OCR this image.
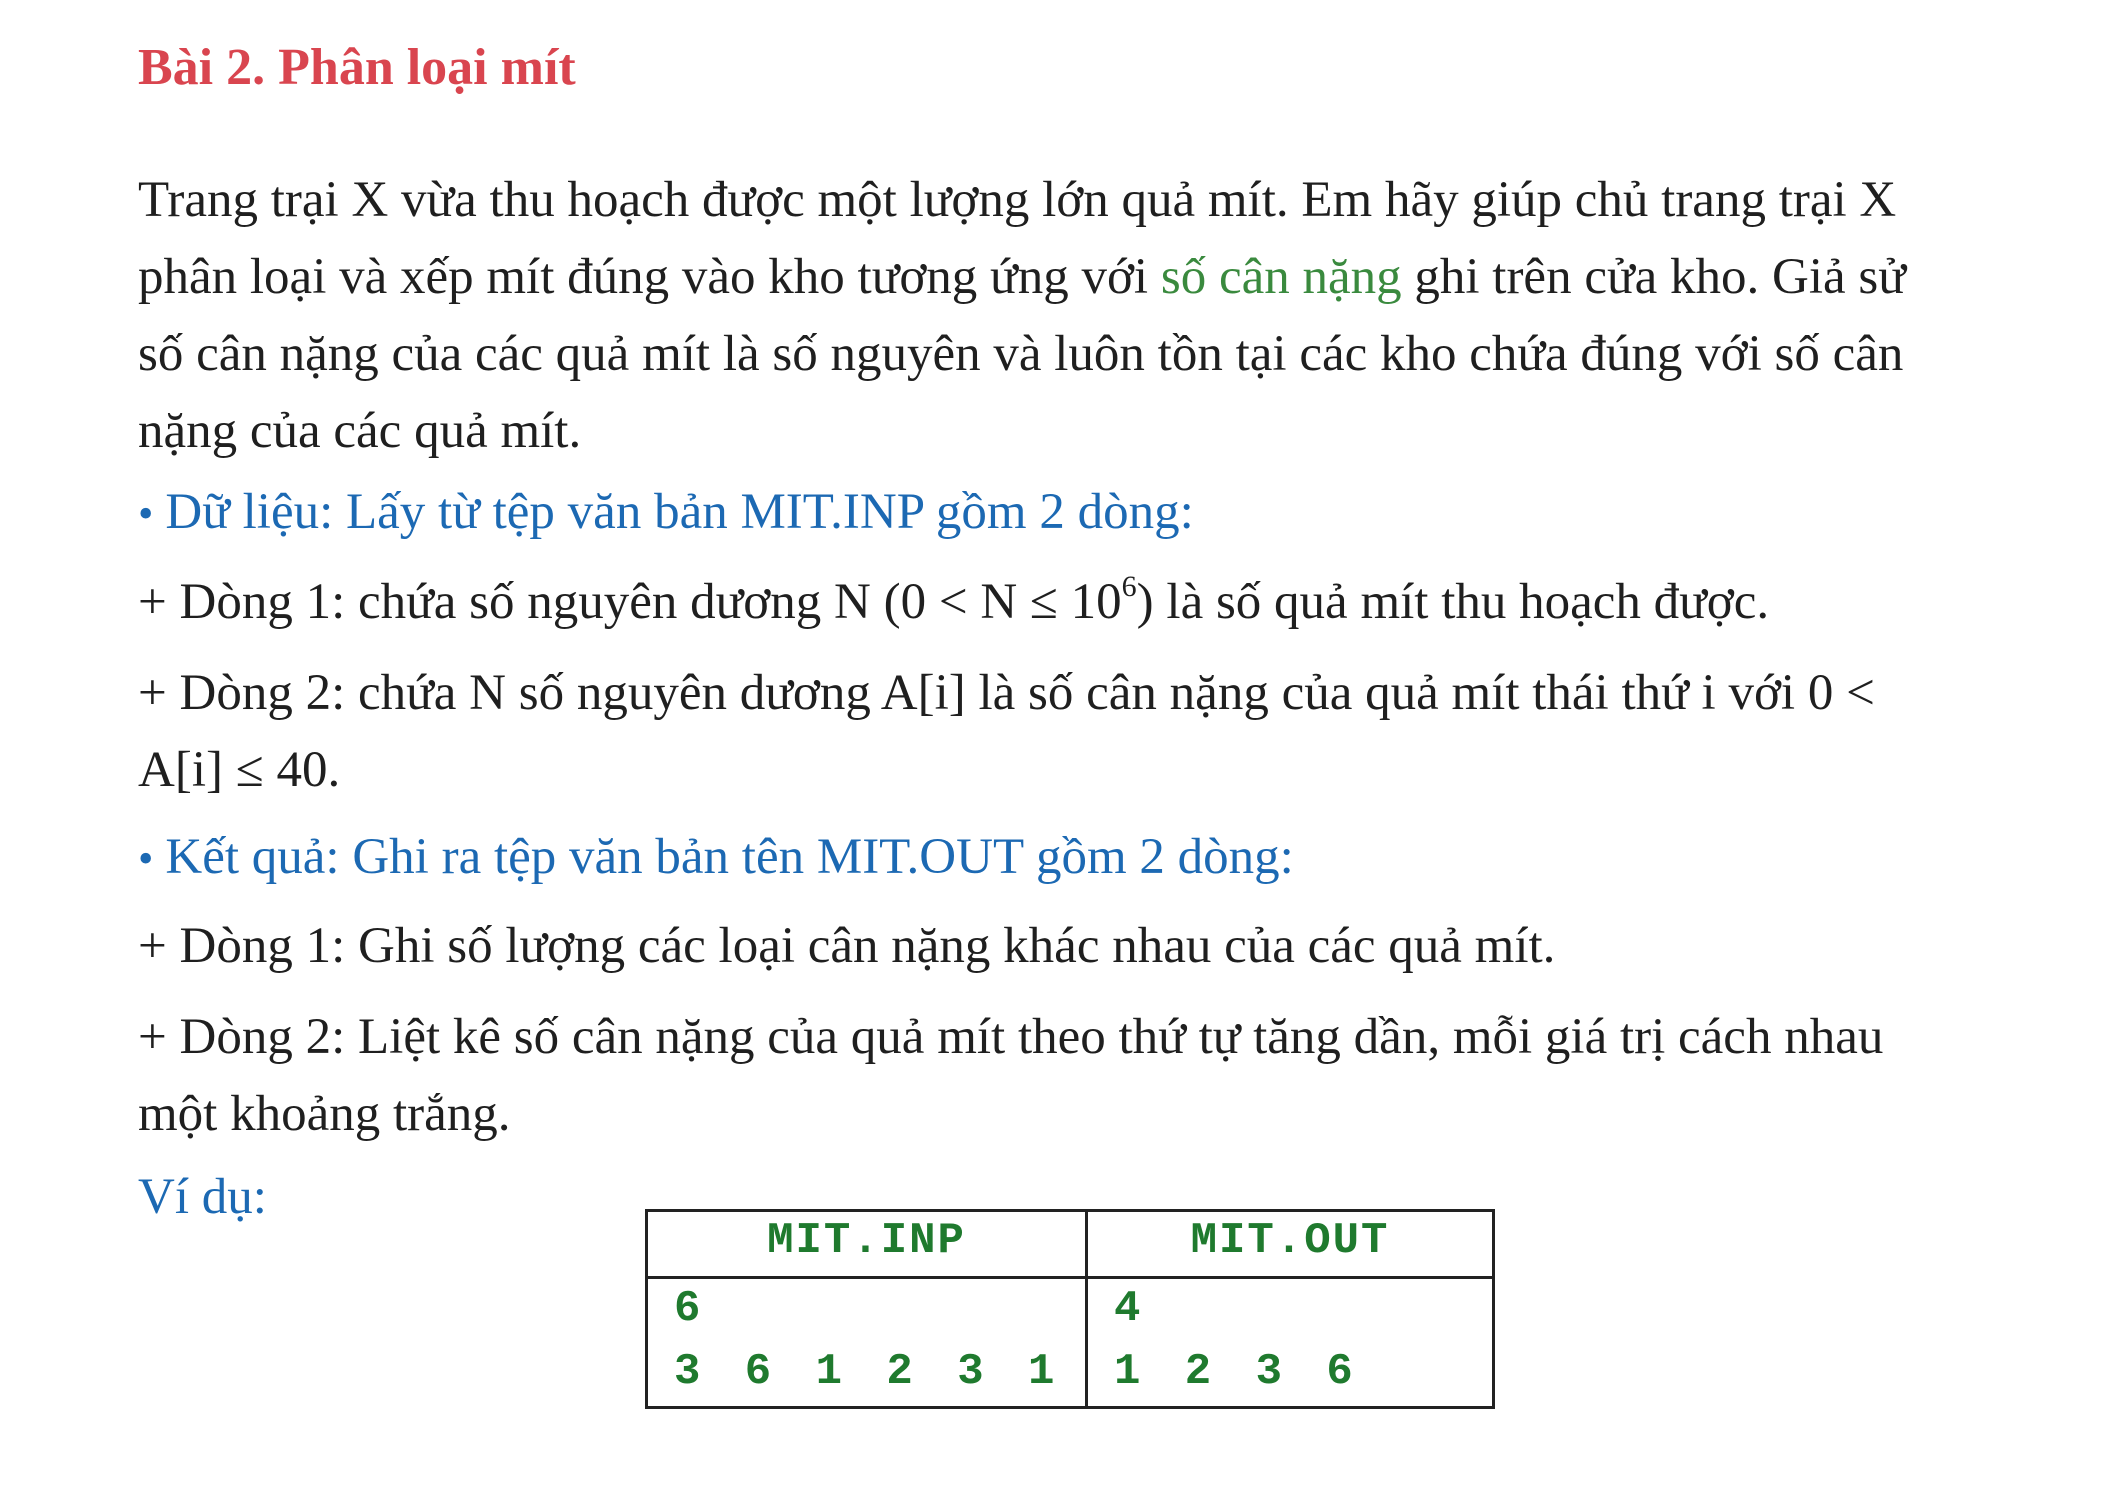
Bài 2. Phân loại mít
Trang trại X vừa thu hoạch được một lượng lớn quả mít. Em hãy giúp chủ trang trại X
phân loại và xếp mít đúng vào kho tương ứng với số cân nặng ghi trên cửa kho. Giả sử
số cân nặng của các quả mít là số nguyên và luôn tồn tại các kho chứa đúng với số cân
nặng của các quả mít.
• Dữ liệu: Lấy từ tệp văn bản MIT.INP gồm 2 dòng:
+ Dòng 1: chứa số nguyên dương N $(0 < N \le 10^6)$ là số quả mít thu hoạch được.
+ Dòng 2: chứa N số nguyên dương A[i] là số cân nặng của quả mít thái thứ i với 0 <
A[i] ≤ 40.
• Kết quả: Ghi ra tệp văn bản tên MIT.OUT gồm 2 dòng:
+ Dòng 1: Ghi số lượng các loại cân nặng khác nhau của các quả mít.
+ Dòng 2: Liệt kê số cân nặng của quả mít theo thứ tự tăng dần, mỗi giá trị cách nhau
một khoảng trắng.
Ví dụ:
MIT.INP	MIT.OUT
6
3 6 1 2 3 1
4
1 2 3 6
